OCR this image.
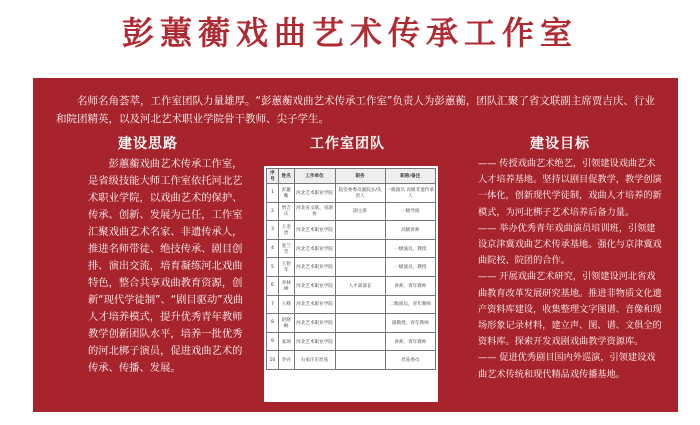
彭蕙蘅戏曲艺术传承工作室
名师名角荟萃，工作室团队力量雄厚。“彭蕙蘅戏曲艺术传承工作室”负责人为彭蕙蘅，团队汇聚了省文联副主席贾吉庆、行业和院团精英，以及河北艺术职业学院骨干教师、尖子学生。
建设思路	工作室团队	建设目标
彭蕙蘅戏曲艺术传承工作室，是省级技能大师工作室依托河北艺术职业学院，以戏曲艺术的保护、传承、创新、发展为己任，工作室汇聚戏曲艺术名家、非遗传承人，推进名师带徒、绝技传承、剧目创排、演出交流，培育凝练河北戏曲特色，整合共享戏曲教育资源，创新“现代学徒制”、“剧目驱动”戏曲人才培养模式，提升优秀青年教师教学创新团队水平，培养一批优秀的河北梆子演员，促进戏曲艺术的传承、传播、发展。
序号	姓名	工作单位	职务	职称/备注
1	彭蕙蘅	河北艺术职业学院	院党委委员副院长/负责人	一级演员 省级非遗传承人
2	贾吉庆	河北省文联、省剧协	副主席	一级导演
3	王金贵	河北艺术职业学院		高级讲师
4	张兰芳	河北艺术职业学院		一级演员，教授
5	王智军	河北艺术职业学院		一级演员，教授
6	李林峰	河北艺术职业学院	人才部部长	讲师，青年教师
7	王峰	河北艺术职业学院		二级演员，青年教师
8	赵晓楠	河北艺术职业学院		副教授，青年教师
9	张颂	河北艺术职业学院		讲师，青年教师
10	李亮	石家庄市丝弦		丝弦委员
—— 传授戏曲艺术绝艺，引领建设戏曲艺术人才培养基地。坚持以剧目促教学，教学创演一体化，创新现代学徒制，戏曲人才培养的新模式，为河北梆子艺术培养后备力量。
—— 举办优秀青年戏曲演员培训班，引领建设京津冀戏曲艺术传承基地。强化与京津冀戏曲院校、院团的合作。
—— 开展戏曲艺术研究，引领建设河北省戏曲教育改革发展研究基地。推进非物质文化遗产资料库建设，收集整理文字图谱、音像和现场形象记录材料，建立声、图、谱、文俱全的资料库。探索开发戏剧戏曲教学资源库。
—— 促进优秀剧目国内外巡演，引领建设戏曲艺术传统和现代精品戏传播基地。
